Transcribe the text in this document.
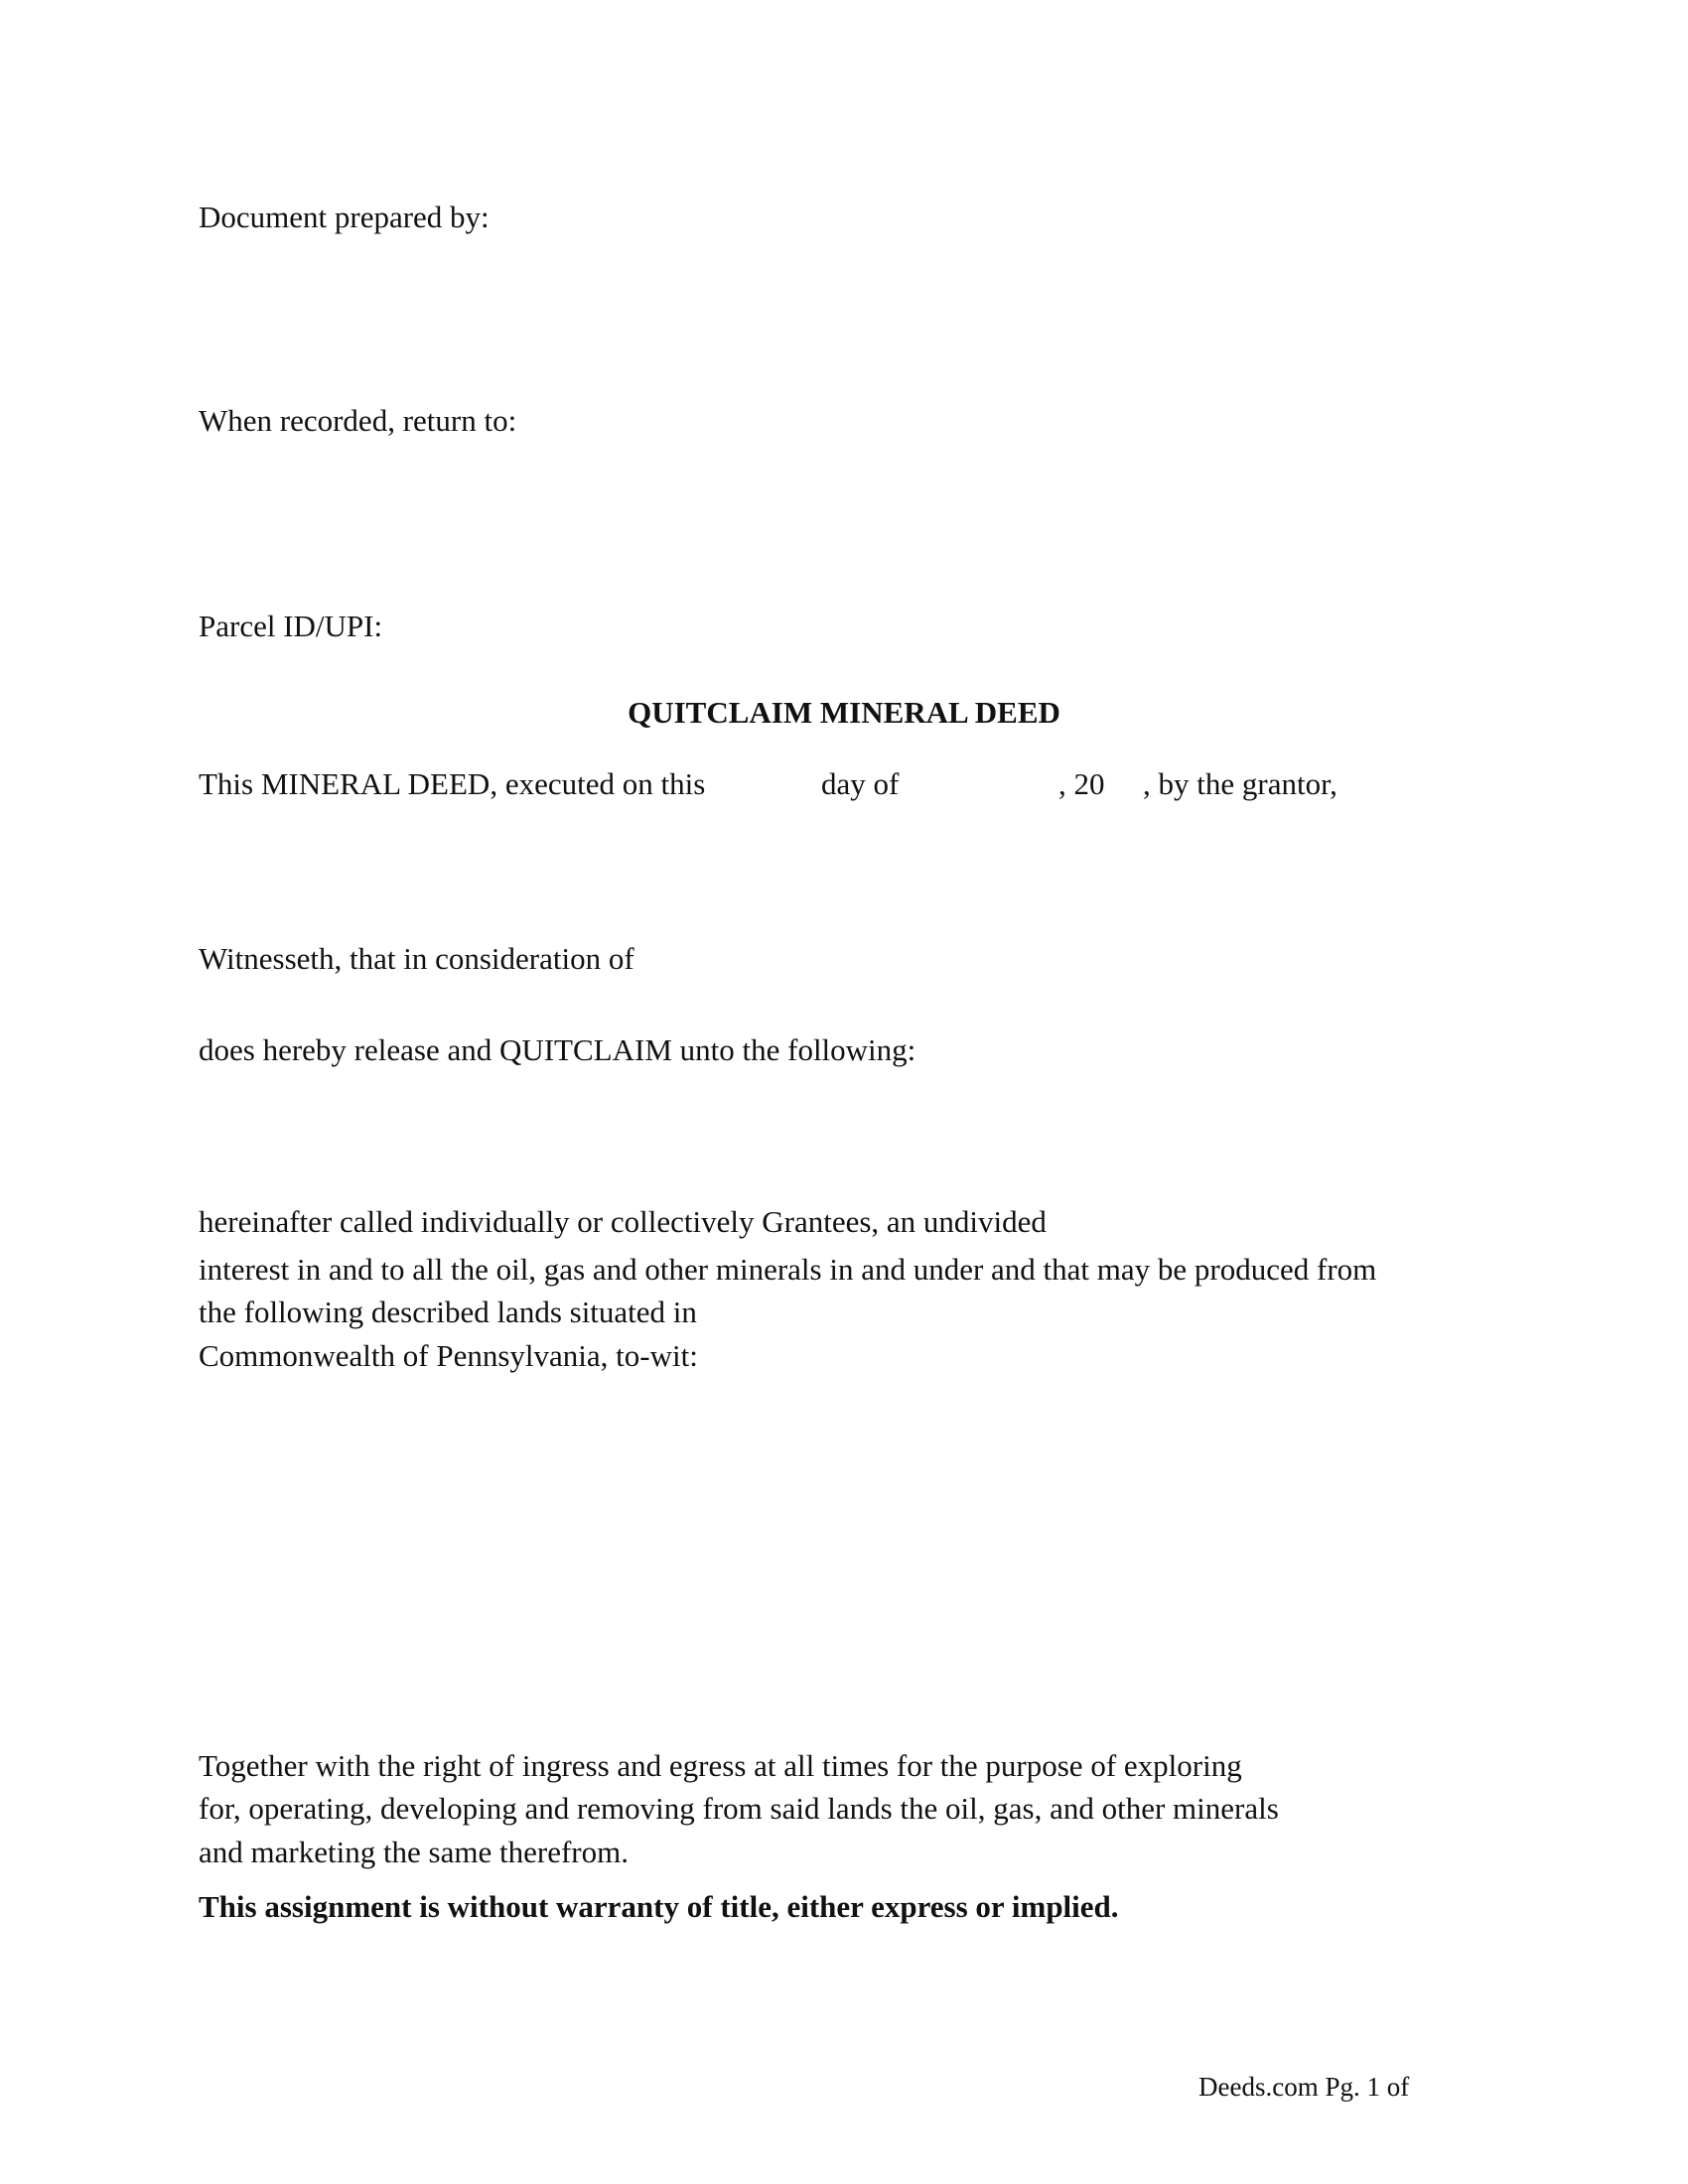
Document prepared by:
When recorded, return to:
Parcel ID/UPI:
QUITCLAIM MINERAL DEED
This MINERAL DEED, executed on this	day of	, 20 , by the grantor,
Witnesseth, that in consideration of
does hereby release and QUITCLAIM unto the following:
hereinafter called individually or collectively Grantees, an undivided
interest in and to all the oil, gas and other minerals in and under and that may be produced from
the following described lands situated in
Commonwealth of Pennsylvania, to-wit:
Together with the right of ingress and egress at all times for the purpose of exploring
for, operating, developing and removing from said lands the oil, gas, and other minerals
and marketing the same therefrom.
This assignment is without warranty of title, either express or implied.
Deeds.com Pg. 1 of
